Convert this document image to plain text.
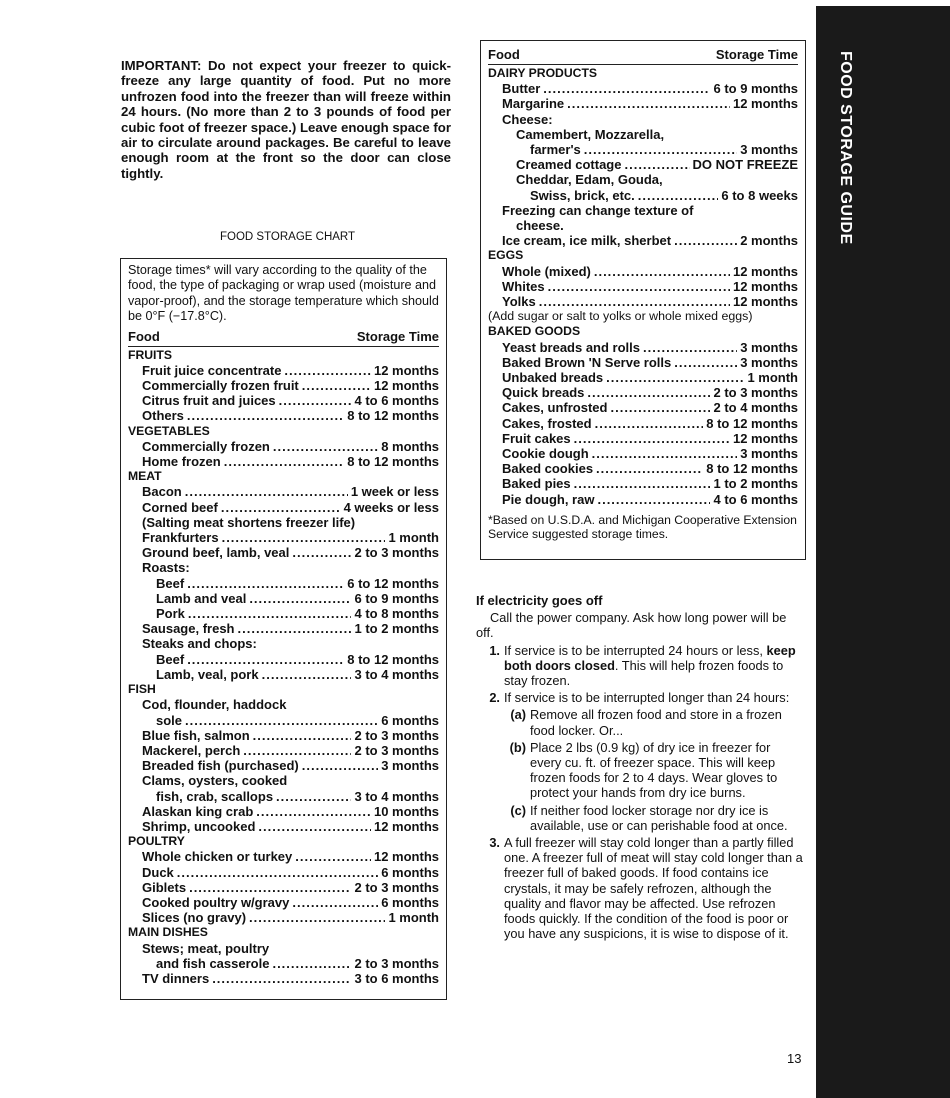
FOOD STORAGE GUIDE
IMPORTANT: Do not expect your freezer to quick-freeze any large quantity of food. Put no more unfrozen food into the freezer than will freeze within 24 hours. (No more than 2 to 3 pounds of food per cubic foot of freezer space.) Leave enough space for air to circulate around packages. Be careful to leave enough room at the front so the door can close tightly.
FOOD STORAGE CHART
Storage times* will vary according to the quality of the food, the type of packaging or wrap used (moisture and vapor-proof), and the storage temperature which should be 0°F (−17.8°C).
Food	Storage Time
FRUITS
Fruit juice concentrate .....	12 months
Commercially frozen fruit .....	12 months
Citrus fruit and juices .....	4 to 6 months
Others .....	8 to 12 months
VEGETABLES
Commercially frozen .....	8 months
Home frozen .....	8 to 12 months
MEAT
Bacon .....	1 week or less
Corned beef .....	4 weeks or less
(Salting meat shortens freezer life)
Frankfurters .....	1 month
Ground beef, lamb, veal .....	2 to 3 months
Roasts:
Beef .....	6 to 12 months
Lamb and veal .....	6 to 9 months
Pork .....	4 to 8 months
Sausage, fresh .....	1 to 2 months
Steaks and chops:
Beef .....	8 to 12 months
Lamb, veal, pork .....	3 to 4 months
FISH
Cod, flounder, haddock
sole .....	6 months
Blue fish, salmon .....	2 to 3 months
Mackerel, perch .....	2 to 3 months
Breaded fish (purchased) .....	3 months
Clams, oysters, cooked
fish, crab, scallops .....	3 to 4 months
Alaskan king crab .....	10 months
Shrimp, uncooked .....	12 months
POULTRY
Whole chicken or turkey .....	12 months
Duck .....	6 months
Giblets .....	2 to 3 months
Cooked poultry w/gravy .....	6 months
Slices (no gravy) .....	1 month
MAIN DISHES
Stews; meat, poultry
and fish casserole .....	2 to 3 months
TV dinners .....	3 to 6 months
Food	Storage Time
DAIRY PRODUCTS
Butter .....	6 to 9 months
Margarine .....	12 months
Cheese:
Camembert, Mozzarella,
farmer's .....	3 months
Creamed cottage .....	DO NOT FREEZE
Cheddar, Edam, Gouda,
Swiss, brick, etc. .....	6 to 8 weeks
Freezing can change texture of
cheese.
Ice cream, ice milk, sherbet .....	2 months
EGGS
Whole (mixed) .....	12 months
Whites .....	12 months
Yolks .....	12 months
(Add sugar or salt to yolks or whole mixed eggs)
BAKED GOODS
Yeast breads and rolls .....	3 months
Baked Brown 'N Serve rolls .....	3 months
Unbaked breads .....	1 month
Quick breads .....	2 to 3 months
Cakes, unfrosted .....	2 to 4 months
Cakes, frosted .....	8 to 12 months
Fruit cakes .....	12 months
Cookie dough .....	3 months
Baked cookies .....	8 to 12 months
Baked pies .....	1 to 2 months
Pie dough, raw .....	4 to 6 months
*Based on U.S.D.A. and Michigan Cooperative Extension Service suggested storage times.
If electricity goes off
Call the power company. Ask how long power will be off.
1. If service is to be interrupted 24 hours or less, keep both doors closed. This will help frozen foods to stay frozen.
2. If service is to be interrupted longer than 24 hours:
(a) Remove all frozen food and store in a frozen food locker. Or...
(b) Place 2 lbs (0.9 kg) of dry ice in freezer for every cu. ft. of freezer space. This will keep frozen foods for 2 to 4 days. Wear gloves to protect your hands from dry ice burns.
(c) If neither food locker storage nor dry ice is available, use or can perishable food at once.
3. A full freezer will stay cold longer than a partly filled one. A freezer full of meat will stay cold longer than a freezer full of baked goods. If food contains ice crystals, it may be safely refrozen, although the quality and flavor may be affected. Use refrozen foods quickly. If the condition of the food is poor or you have any suspicions, it is wise to dispose of it.
13
